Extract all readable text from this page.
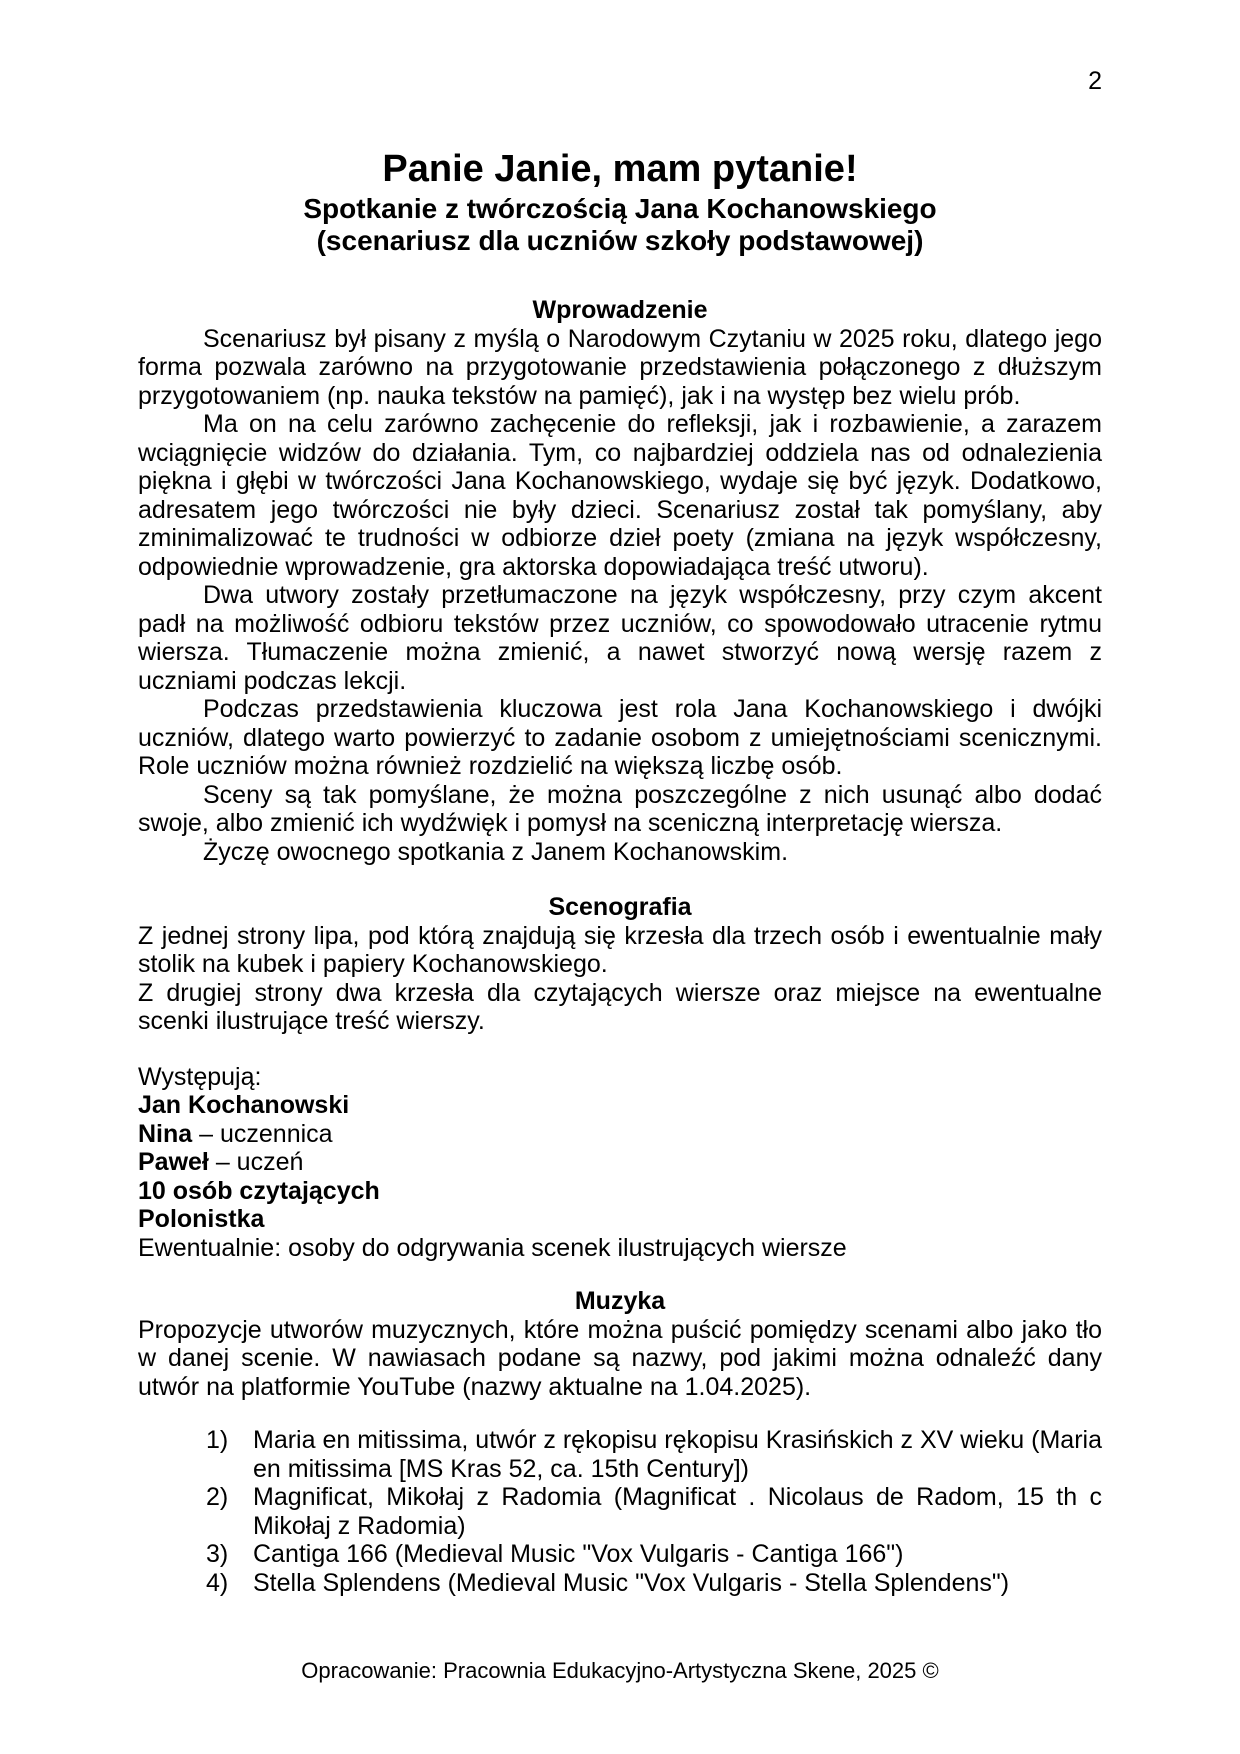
2
Panie Janie, mam pytanie!
Spotkanie z twórczością Jana Kochanowskiego
(scenariusz dla uczniów szkoły podstawowej)
Wprowadzenie

Scenariusz był pisany z myślą o Narodowym Czytaniu w 2025 roku, dlatego jego forma pozwala zarówno na przygotowanie przedstawienia połączonego z dłuższym przygotowaniem (np. nauka tekstów na pamięć), jak i na występ bez wielu prób.

Ma on na celu zarówno zachęcenie do refleksji, jak i rozbawienie, a zarazem wciągnięcie widzów do działania. Tym, co najbardziej oddziela nas od odnalezienia piękna i głębi w twórczości Jana Kochanowskiego, wydaje się być język. Dodatkowo, adresatem jego twórczości nie były dzieci. Scenariusz został tak pomyślany, aby zminimalizować te trudności w odbiorze dzieł poety (zmiana na język współczesny, odpowiednie wprowadzenie, gra aktorska dopowiadająca treść utworu).

Dwa utwory zostały przetłumaczone na język współczesny, przy czym akcent padł na możliwość odbioru tekstów przez uczniów, co spowodowało utracenie rytmu wiersza. Tłumaczenie można zmienić, a nawet stworzyć nową wersję razem z uczniami podczas lekcji.

Podczas przedstawienia kluczowa jest rola Jana Kochanowskiego i dwójki uczniów, dlatego warto powierzyć to zadanie osobom z umiejętnościami scenicznymi. Role uczniów można również rozdzielić na większą liczbę osób.

Sceny są tak pomyślane, że można poszczególne z nich usunąć albo dodać swoje, albo zmienić ich wydźwięk i pomysł na sceniczną interpretację wiersza.

Życzę owocnego spotkania z Janem Kochanowskim.

Scenografia

Z jednej strony lipa, pod którą znajdują się krzesła dla trzech osób i ewentualnie mały stolik na kubek i papiery Kochanowskiego.

Z drugiej strony dwa krzesła dla czytających wiersze oraz miejsce na ewentualne scenki ilustrujące treść wierszy.

Występują:

Jan Kochanowski

Nina – uczennica

Paweł – uczeń

10 osób czytających

Polonistka

Ewentualnie: osoby do odgrywania scenek ilustrujących wiersze

Muzyka

Propozycje utworów muzycznych, które można puścić pomiędzy scenami albo jako tło w danej scenie. W nawiasach podane są nazwy, pod jakimi można odnaleźć dany utwór na platformie YouTube (nazwy aktualne na 1.04.2025).

1) Maria en mitissima, utwór z rękopisu rękopisu Krasińskich z XV wieku (Maria en mitissima [MS Kras 52, ca. 15th Century])
2) Magnificat, Mikołaj z Radomia (Magnificat . Nicolaus de Radom, 15 th c Mikołaj z Radomia)
3) Cantiga 166 (Medieval Music "Vox Vulgaris - Cantiga 166")
4) Stella Splendens (Medieval Music "Vox Vulgaris - Stella Splendens")
Opracowanie: Pracownia Edukacyjno-Artystyczna Skene, 2025 ©
